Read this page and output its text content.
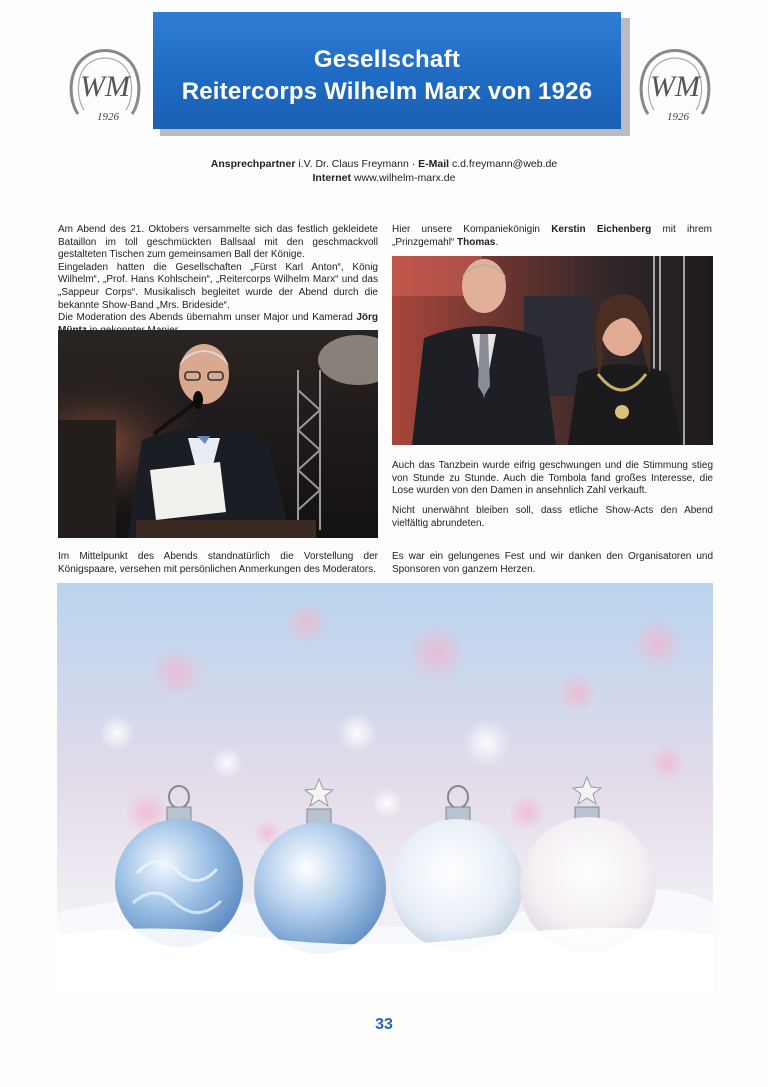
Gesellschaft
Reitercorps Wilhelm Marx von 1926
WM
1926
WM
1926
Ansprechpartner i.V. Dr. Claus Freymann · E-Mail c.d.freymann@web.de
Internet www.wilhelm-marx.de
Am Abend des 21. Oktobers versammelte sich das festlich gekleidete Bataillon im toll geschmückten Ballsaal mit den geschmackvoll gestalteten Tischen zum gemeinsamen Ball der Könige.
Eingeladen hatten die Gesellschaften „Fürst Karl Anton“, König Wilhelm“, „Prof. Hans Kohlschein“, „Reitercorps Wilhelm Marx“ und das „Sappeur Corps“. Musikalisch begleitet wurde der Abend durch die bekannte Show-Band „Mrs. Brideside“.
Die Moderation des Abends übernahm unser Major und Kamerad Jörg
Im Mittelpunkt des Abends standnatürlich die Vorstellung der Königspaare, versehen mit persönlichen Anmerkungen des Moderators.
Hier unsere Kompaniekönigin Kerstin Eichenberg mit ihrem „Prinzgemahl“ Thomas.
Auch das Tanzbein wurde eifrig geschwungen und die Stimmung stieg von Stunde zu Stunde. Auch die Tombola fand großes Interesse, die Lose wurden von den Damen in ansehnlich Zahl verkauft.
Nicht unerwähnt bleiben soll, dass etliche Show-Acts den Abend vielfältig abrundeten.
Es war ein gelungenes Fest und wir danken den Organisatoren und Sponsoren von ganzem Herzen.
33
